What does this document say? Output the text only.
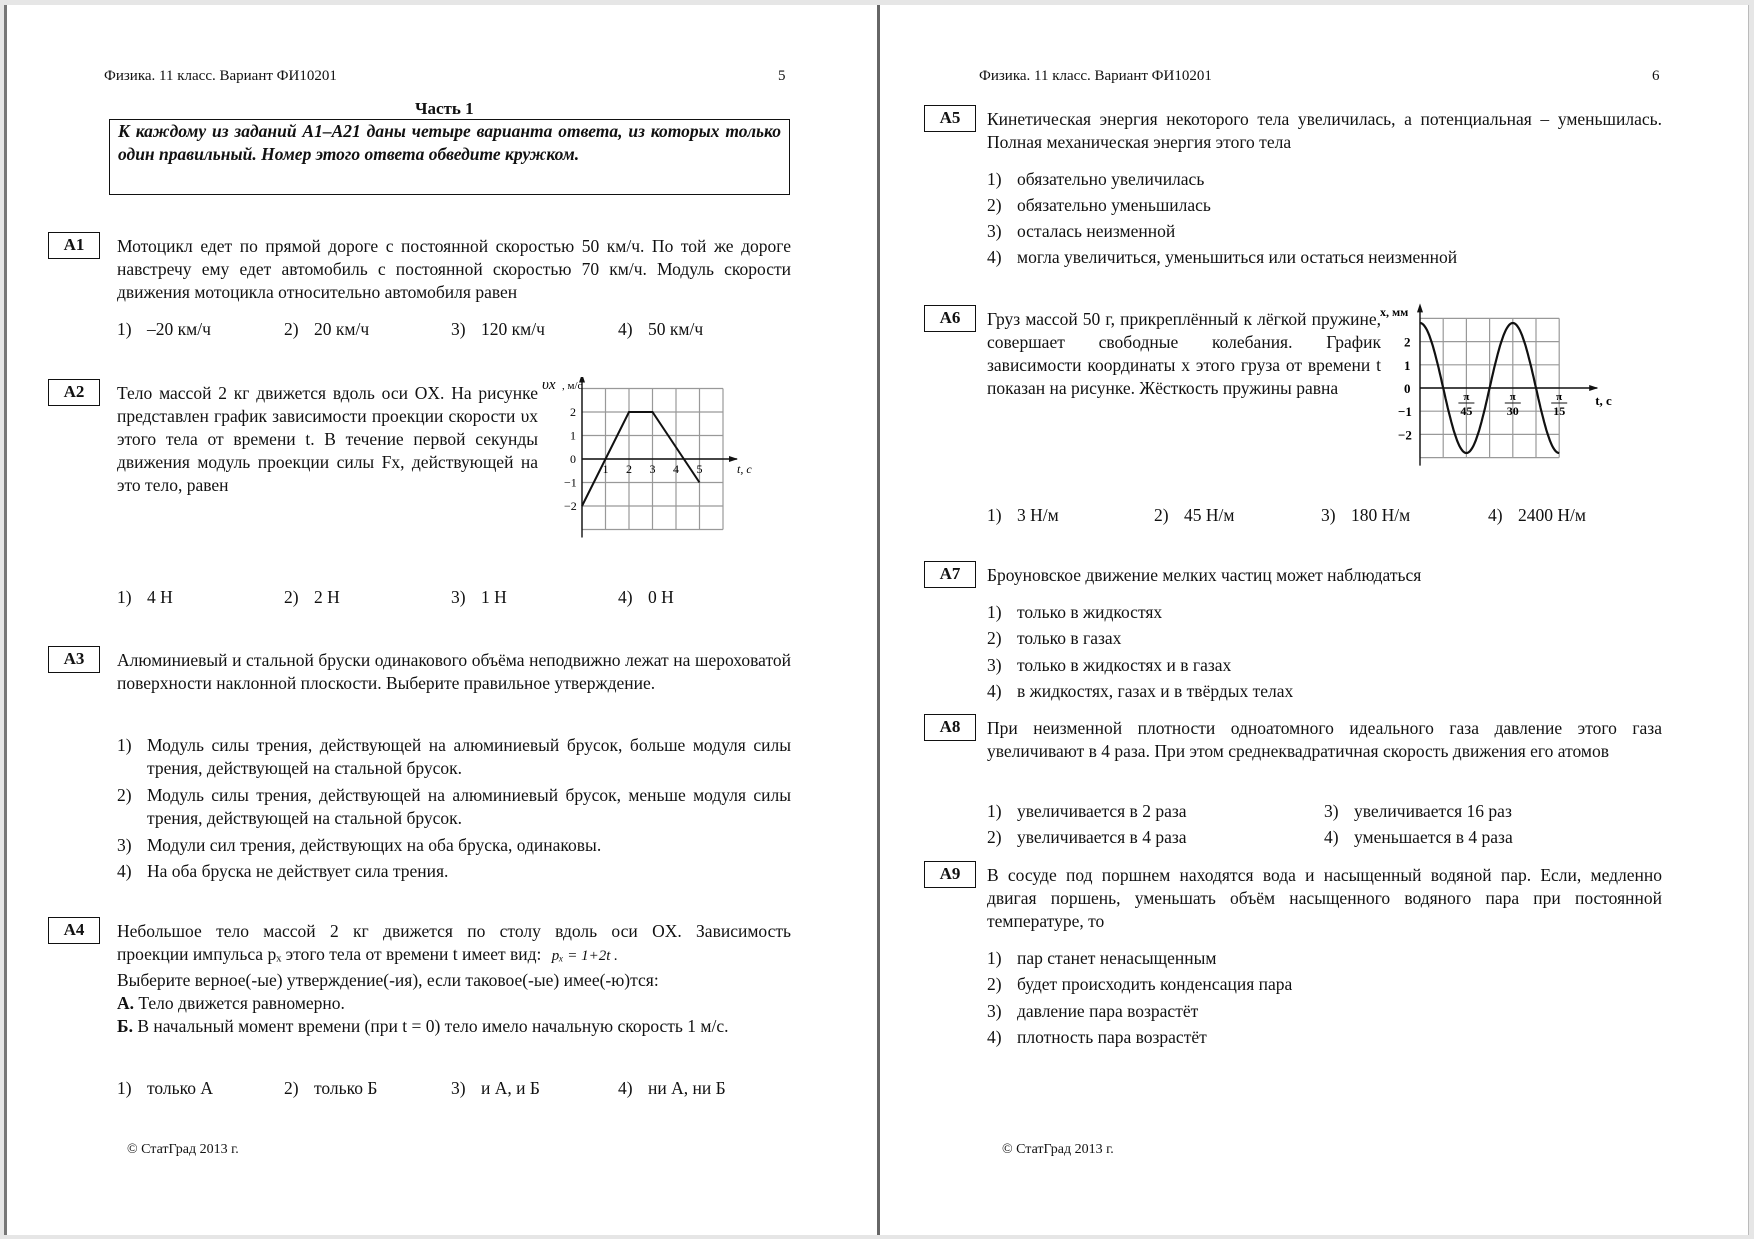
Физика. 11 класс. Вариант ФИ10201	5
Часть 1
К каждому из заданий А1–А21 даны четыре варианта ответа, из которых только один правильный. Номер этого ответа обведите кружком.
А1	Мотоцикл едет по прямой дороге с постоянной скоростью 50 км/ч. По той же дороге навстречу ему едет автомобиль с постоянной скоростью 70 км/ч. Модуль скорости движения мотоцикла относительно автомобиля равен
1) –20 км/ч	2) 20 км/ч	3) 120 км/ч	4) 50 км/ч
А2	Тело массой 2 кг движется вдоль оси OX. На рисунке представлен график зависимости проекции скорости υx этого тела от времени t. В течение первой секунды движения модуль проекции силы Fx, действующей на это тело, равен
υx , м/с
1 2 3 4 5	t, с
2
1
0
−1
−2
1) 4 Н	2) 2 Н	3) 1 Н	4) 0 Н
А3	Алюминиевый и стальной бруски одинакового объёма неподвижно лежат на шероховатой поверхности наклонной плоскости. Выберите правильное утверждение.
1) Модуль силы трения, действующей на алюминиевый брусок, больше модуля силы трения, действующей на стальной брусок.
2) Модуль силы трения, действующей на алюминиевый брусок, меньше модуля силы трения, действующей на стальной брусок.
3) Модули сил трения, действующих на оба бруска, одинаковы.
4) На оба бруска не действует сила трения.
А4	Небольшое тело массой 2 кг движется по столу вдоль оси OX. Зависимость
проекции импульса pₓ этого тела от времени t имеет вид: pₓ = 1+2t .
Выберите верное(-ые) утверждение(-ия), если таковое(-ые) имее(-ю)тся:
А. Тело движется равномерно.
Б. В начальный момент времени (при t = 0) тело имело начальную скорость 1 м/с.
1) только А	2) только Б	3) и А, и Б	4) ни А, ни Б
© СтатГрад 2013 г.
Физика. 11 класс. Вариант ФИ10201	6
А5	Кинетическая энергия некоторого тела увеличилась, а потенциальная – уменьшилась. Полная механическая энергия этого тела
1) обязательно увеличилась
2) обязательно уменьшилась
3) осталась неизменной
4) могла увеличиться, уменьшиться или остаться неизменной
А6	Груз массой 50 г, прикреплённый к лёгкой пружине, совершает свободные колебания. График зависимости координаты x этого груза от времени t показан на рисунке. Жёсткость пружины равна
x, мм
t, с
2
1
0
−1
−2
π
45
π
30
π
15
1) 3 Н/м	2) 45 Н/м	3) 180 Н/м	4) 2400 Н/м
А7	Броуновское движение мелких частиц может наблюдаться
1) только в жидкостях
2) только в газах
3) только в жидкостях и в газах
4) в жидкостях, газах и в твёрдых телах
А8	При неизменной плотности одноатомного идеального газа давление этого газа увеличивают в 4 раза. При этом среднеквадратичная скорость движения его атомов
1) увеличивается в 2 раза
2) увеличивается в 4 раза
3) увеличивается 16 раз
4) уменьшается в 4 раза
А9	В сосуде под поршнем находятся вода и насыщенный водяной пар. Если, медленно двигая поршень, уменьшать объём насыщенного водяного пара при постоянной температуре, то
1) пар станет ненасыщенным
2) будет происходить конденсация пара
3) давление пара возрастёт
4) плотность пара возрастёт
© СтатГрад 2013 г.
